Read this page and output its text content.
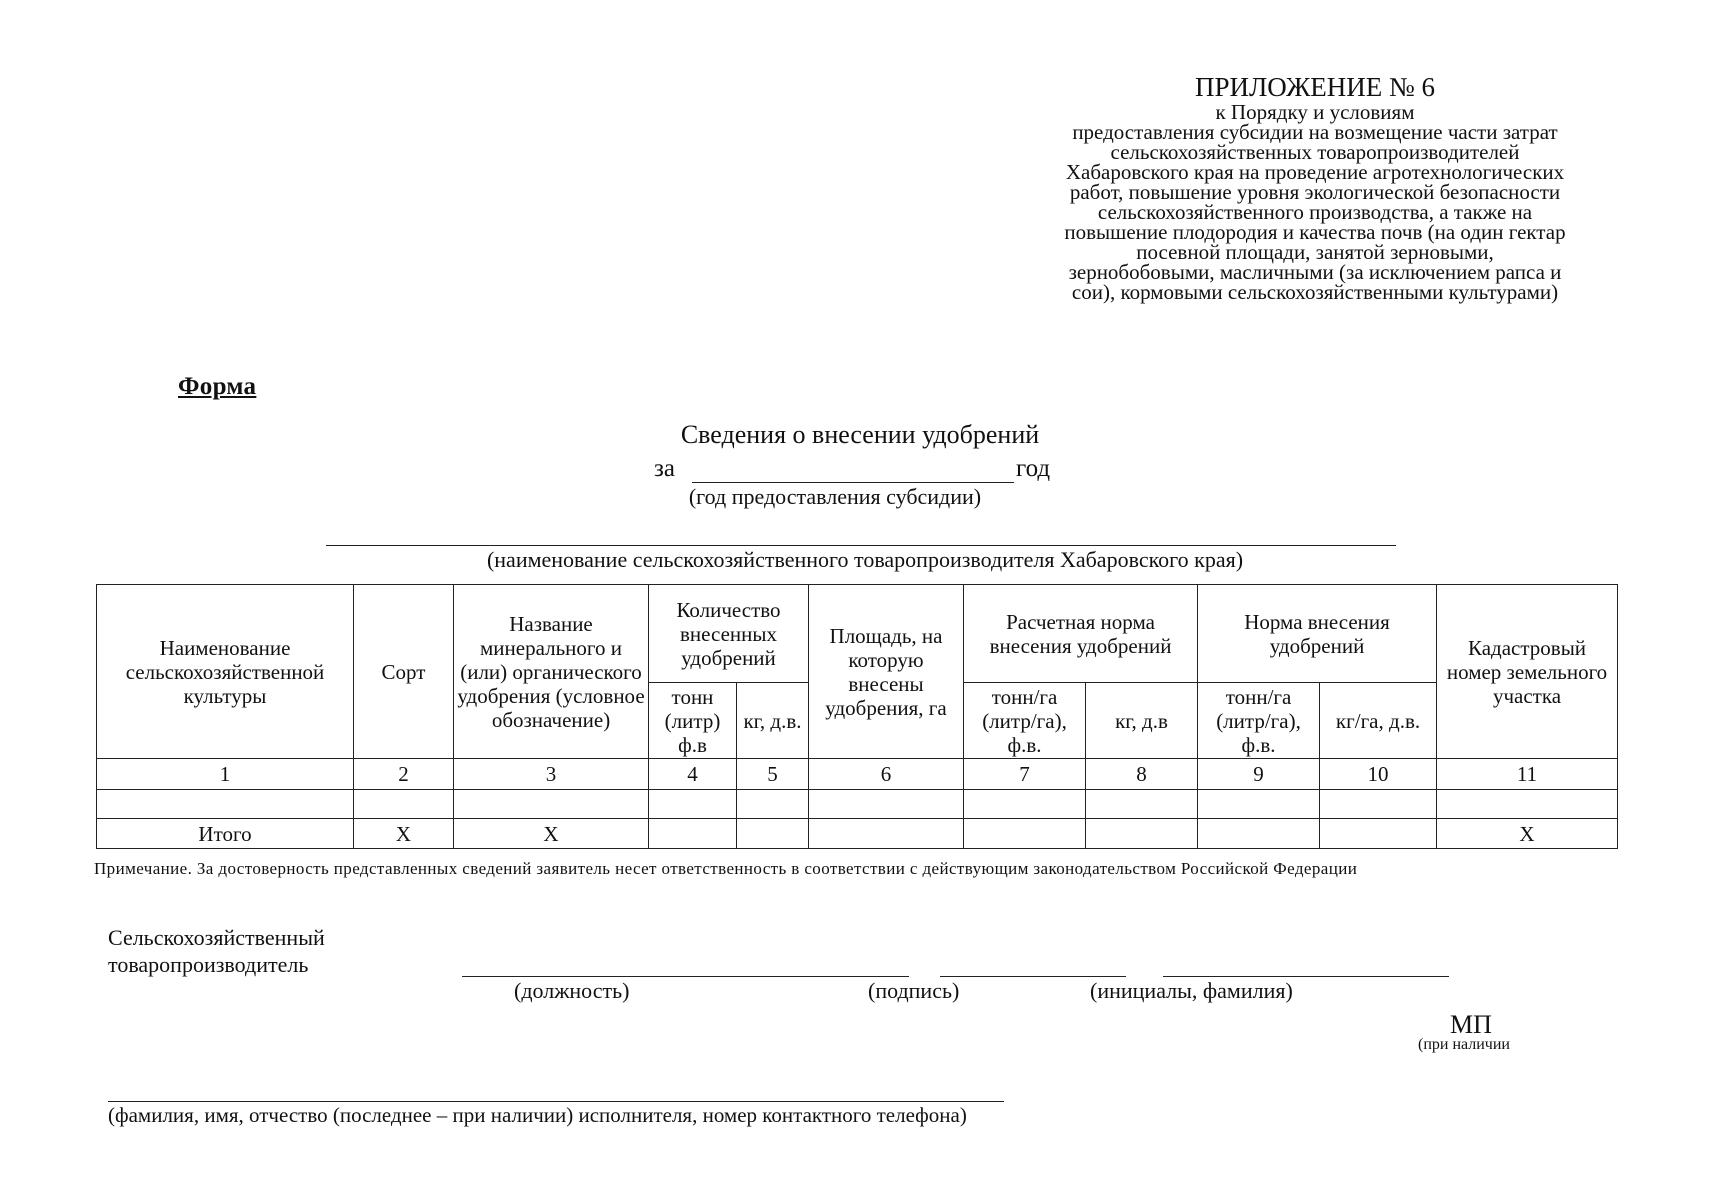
ПРИЛОЖЕНИЕ № 6
к Порядку и условиям
предоставления субсидии на возмещение части затрат
сельскохозяйственных товаропроизводителей
Хабаровского края на проведение агротехнологических
работ, повышение уровня экологической безопасности
сельскохозяйственного производства, а также на
повышение плодородия и качества почв (на один гектар
посевной площади, занятой зерновыми,
зернобобовыми, масличными (за исключением рапса и
сои), кормовыми сельскохозяйственными культурами)
Форма
Сведения о внесении удобрений
за	год
(год предоставления субсидии)
(наименование сельскохозяйственного товаропроизводителя Хабаровского края)
Наименование сельскохозяйственной культуры	Сорт	Название минерального и (или) органического удобрения (условное обозначение)	Количество внесенных удобрений		Площадь, на которую внесены удобрения, га	Расчетная норма внесения удобрений		Норма внесения удобрений		Кадастровый номер земельного участка
			тонн (литр) ф.в	кг, д.в.		тонн/га (литр/га), ф.в.	кг, д.в	тонн/га (литр/га), ф.в.	кг/га, д.в.	
1	2	3	4	5	6	7	8	9	10	11

Итого	Х	Х								Х
Примечание. За достоверность представленных сведений заявитель несет ответственность в соответствии с действующим законодательством Российской Федерации
Сельскохозяйственный
товаропроизводитель
(должность)	(подпись)	(инициалы, фамилия)
МП
(при наличии
(фамилия, имя, отчество (последнее – при наличии) исполнителя, номер контактного телефона)
